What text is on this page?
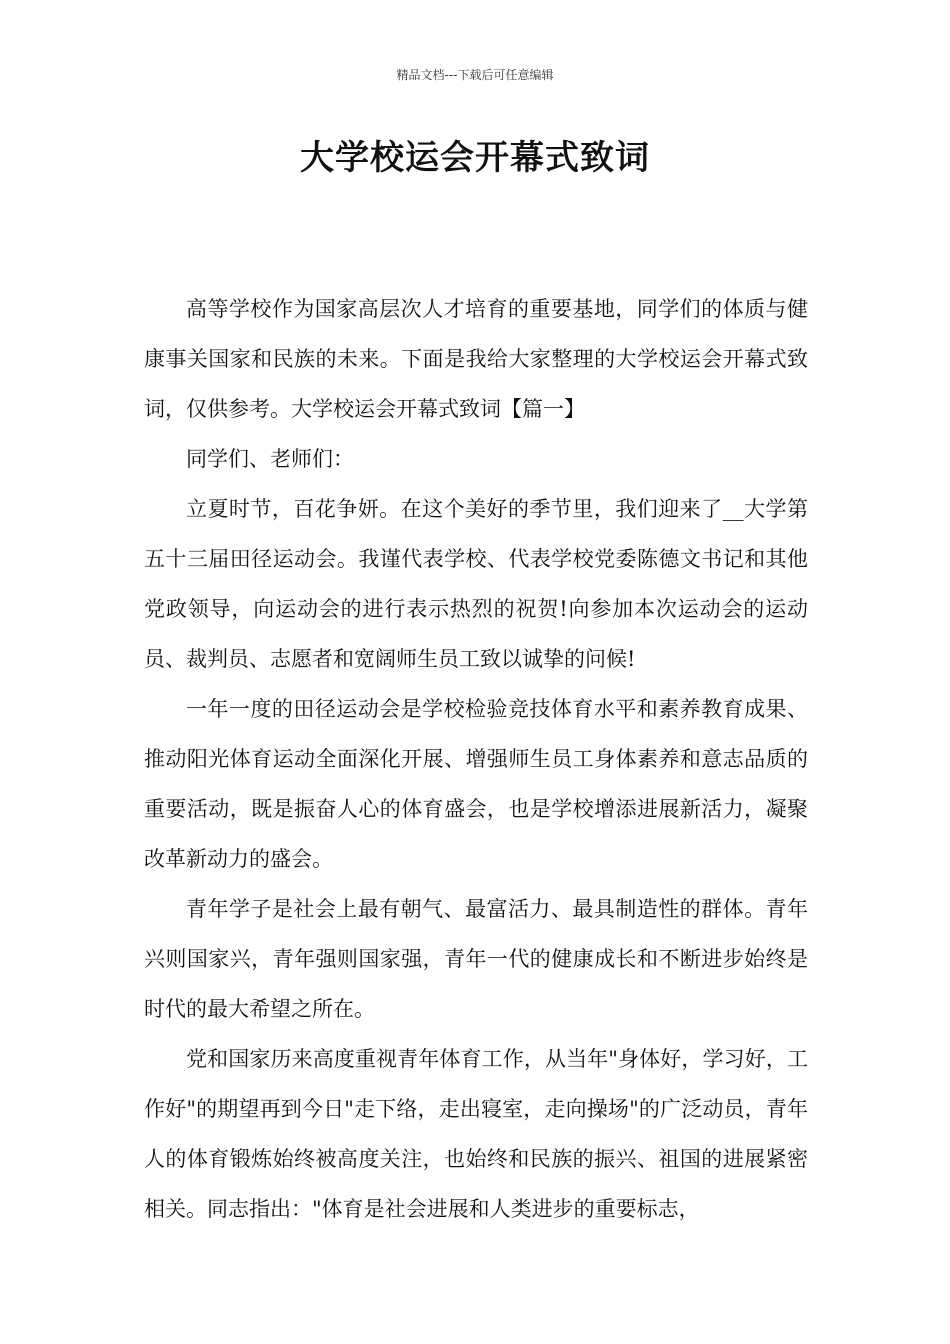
精品文档---下载后可任意编辑
大学校运会开幕式致词

高等学校作为国家高层次人才培育的重要基地，同学们的体质与健康事关国家和民族的未来。下面是我给大家整理的大学校运会开幕式致词，仅供参考。大学校运会开幕式致词【篇一】

同学们、老师们：

立夏时节，百花争妍。在这个美好的季节里，我们迎来了__大学第五十三届田径运动会。我谨代表学校、代表学校党委陈德文书记和其他党政领导，向运动会的进行表示热烈的祝贺!向参加本次运动会的运动员、裁判员、志愿者和宽阔师生员工致以诚挚的问候!

一年一度的田径运动会是学校检验竞技体育水平和素养教育成果、推动阳光体育运动全面深化开展、增强师生员工身体素养和意志品质的重要活动，既是振奋人心的体育盛会，也是学校增添进展新活力，凝聚改革新动力的盛会。

青年学子是社会上最有朝气、最富活力、最具制造性的群体。青年兴则国家兴，青年强则国家强，青年一代的健康成长和不断进步始终是时代的最大希望之所在。

党和国家历来高度重视青年体育工作，从当年"身体好，学习好，工作好"的期望再到今日"走下络，走出寝室，走向操场"的广泛动员，青年人的体育锻炼始终被高度关注，也始终和民族的振兴、祖国的进展紧密相关。同志指出："体育是社会进展和人类进步的重要标志，
